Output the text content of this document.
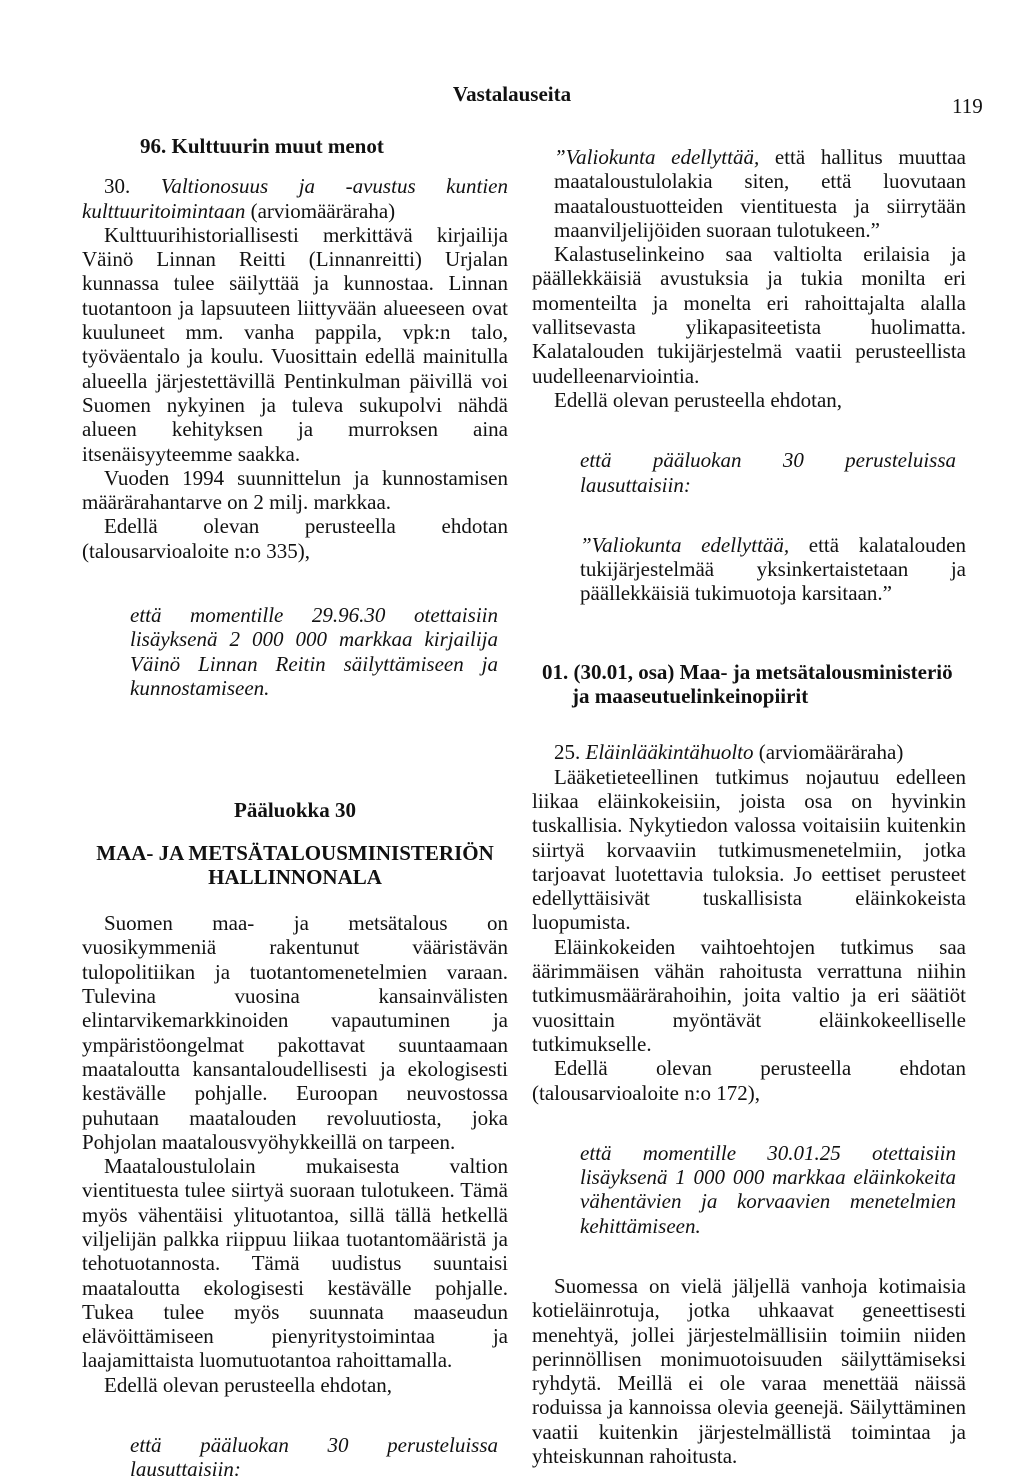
Vastalauseita	119

96. Kulttuurin muut menot

30. Valtionosuus ja -avustus kuntien kulttuuritoimintaan (arviomääräraha)

Kulttuurihistoriallisesti merkittävä kirjailija Väinö Linnan Reitti (Linnanreitti) Urjalan kunnassa tulee säilyttää ja kunnostaa. Linnan tuotantoon ja lapsuuteen liittyvään alueeseen ovat kuuluneet mm. vanha pappila, vpk:n talo, työväentalo ja koulu. Vuosittain edellä mainitulla alueella järjestettävillä Pentinkulman päivillä voi Suomen nykyinen ja tuleva sukupolvi nähdä alueen kehityksen ja murroksen aina itsenäisyyteemme saakka.

Vuoden 1994 suunnittelun ja kunnostamisen määrärahantarve on 2 milj. markkaa.

Edellä olevan perusteella ehdotan (talousarvioaloite n:o 335),

että momentille 29.96.30 otettaisiin lisäyksenä 2 000 000 markkaa kirjailija Väinö Linnan Reitin säilyttämiseen ja kunnostamiseen.

Pääluokka 30

MAA- JA METSÄTALOUSMINISTERIÖN HALLINNONALA

Suomen maa- ja metsätalous on vuosikymmeniä rakentunut vääristävän tulopolitiikan ja tuotantomenetelmien varaan. Tulevina vuosina kansainvälisten elintarvikemarkkinoiden vapautuminen ja ympäristöongelmat pakottavat suuntaamaan maataloutta kansantaloudellisesti ja ekologisesti kestävälle pohjalle. Euroopan neuvostossa puhutaan maatalouden revoluutiosta, joka Pohjolan maatalousvyöhykkeillä on tarpeen.

Maataloustulolain mukaisesta valtion vientituesta tulee siirtyä suoraan tulotukeen. Tämä myös vähentäisi ylituotantoa, sillä tällä hetkellä viljelijän palkka riippuu liikaa tuotantomääristä ja tehotuotannosta. Tämä uudistus suuntaisi maataloutta ekologisesti kestävälle pohjalle. Tukea tulee myös suunnata maaseudun elävöittämiseen pienyritystoimintaa ja laajamittaista luomutuotantoa rahoittamalla.

Edellä olevan perusteella ehdotan,

että pääluokan 30 perusteluissa lausuttaisiin:

”Valiokunta edellyttää, että hallitus muuttaa maataloustulolakia siten, että luovutaan maataloustuotteiden vientituesta ja siirrytään maanviljelijöiden suoraan tulotukeen.”

Kalastuselinkeino saa valtiolta erilaisia ja päällekkäisiä avustuksia ja tukia monilta eri momenteilta ja monelta eri rahoittajalta alalla vallitsevasta ylikapasiteetista huolimatta. Kalatalouden tukijärjestelmä vaatii perusteellista uudelleenarviointia.

Edellä olevan perusteella ehdotan,

että pääluokan 30 perusteluissa lausuttaisiin:

”Valiokunta edellyttää, että kalatalouden tukijärjestelmää yksinkertaistetaan ja päällekkäisiä tukimuotoja karsitaan.”

01. (30.01, osa) Maa- ja metsätalousministeriö ja maaseutuelinkeinopiirit

25. Eläinlääkintähuolto (arviomääräraha)

Lääketieteellinen tutkimus nojautuu edelleen liikaa eläinkokeisiin, joista osa on hyvinkin tuskallisia. Nykytiedon valossa voitaisiin kuitenkin siirtyä korvaaviin tutkimusmenetelmiin, jotka tarjoavat luotettavia tuloksia. Jo eettiset perusteet edellyttäisivät tuskallisista eläinkokeista luopumista.

Eläinkokeiden vaihtoehtojen tutkimus saa äärimmäisen vähän rahoitusta verrattuna niihin tutkimusmäärärahoihin, joita valtio ja eri säätiöt vuosittain myöntävät eläinkokeelliselle tutkimukselle.

Edellä olevan perusteella ehdotan (talousarvioaloite n:o 172),

että momentille 30.01.25 otettaisiin lisäyksenä 1 000 000 markkaa eläinkokeita vähentävien ja korvaavien menetelmien kehittämiseen.

Suomessa on vielä jäljellä vanhoja kotimaisia kotieläinrotuja, jotka uhkaavat geneettisesti menehtyä, jollei järjestelmällisiin toimiin niiden perinnöllisen monimuotoisuuden säilyttämiseksi ryhdytä. Meillä ei ole varaa menettää näissä roduissa ja kannoissa olevia geenejä. Säilyttäminen vaatii kuitenkin järjestelmällistä toimintaa ja yhteiskunnan rahoitusta.
